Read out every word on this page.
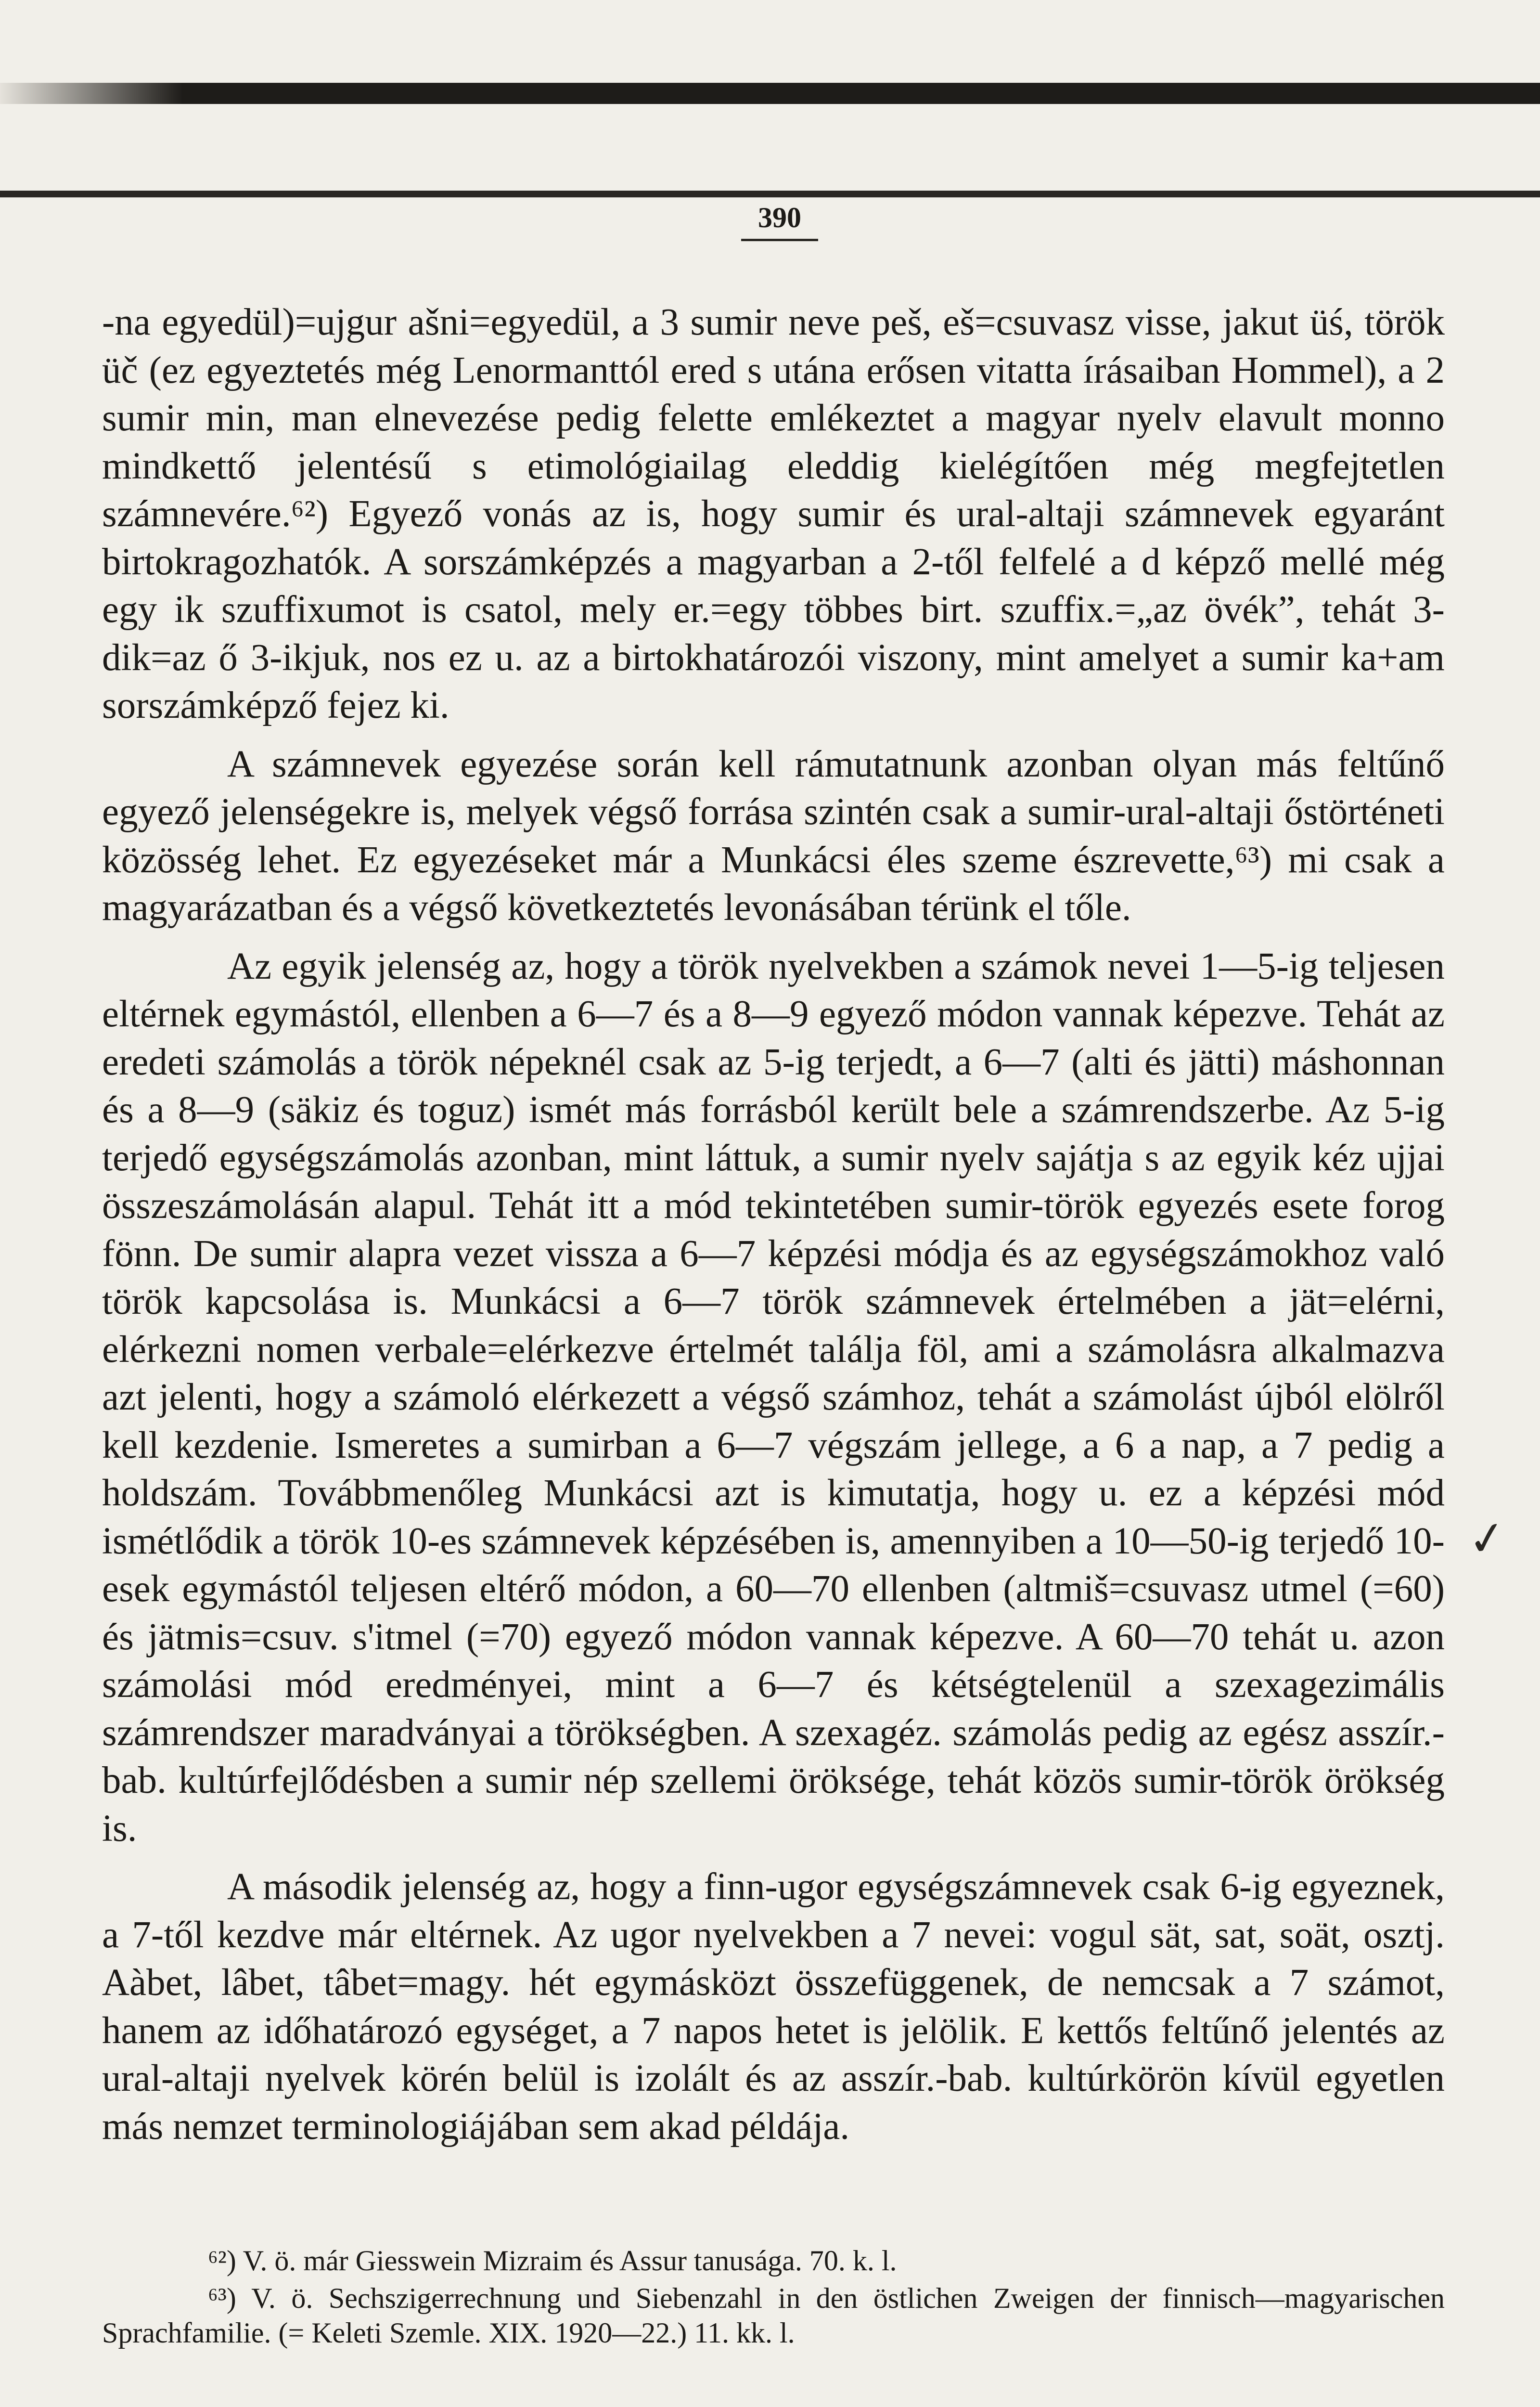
390

-na egyedül)=ujgur ašni=egyedül, a 3 sumir neve peš, eš=csuvasz visse, jakut üś, török üč (ez egyeztetés még Lenormanttól ered s utána erősen vitatta írásaiban Hommel), a 2 sumir min, man elnevezése pedig felette emlékeztet a magyar nyelv elavult monno mindkettő jelentésű s etimológiailag eleddig kielégítően még megfejtetlen számnevére.⁶²) Egyező vonás az is, hogy sumir és ural-altaji számnevek egyaránt birtokragozhatók. A sorszámképzés a magyarban a 2-től felfelé a d képző mellé még egy ik szuffixumot is csatol, mely er.=egy többes birt. szuffix.=„az övék”, tehát 3-dik=az ő 3-ikjuk, nos ez u. az a birtokhatározói viszony, mint amelyet a sumir ka+am sorszámképző fejez ki.

A számnevek egyezése során kell rámutatnunk azonban olyan más feltűnő egyező jelenségekre is, melyek végső forrása szintén csak a sumir-ural-altaji őstörténeti közösség lehet. Ez egyezéseket már a Munkácsi éles szeme észrevette,⁶³) mi csak a magyarázatban és a végső következtetés levonásában térünk el tőle.

Az egyik jelenség az, hogy a török nyelvekben a számok nevei 1—5-ig teljesen eltérnek egymástól, ellenben a 6—7 és a 8—9 egyező módon vannak képezve. Tehát az eredeti számolás a török népeknél csak az 5-ig terjedt, a 6—7 (alti és jätti) máshonnan és a 8—9 (säkiz és toguz) ismét más forrásból került bele a számrendszerbe. Az 5-ig terjedő egységszámolás azonban, mint láttuk, a sumir nyelv sajátja s az egyik kéz ujjai összeszámolásán alapul. Tehát itt a mód tekintetében sumir-török egyezés esete forog fönn. De sumir alapra vezet vissza a 6—7 képzési módja és az egységszámokhoz való török kapcsolása is. Munkácsi a 6—7 török számnevek értelmében a jät=elérni, elérkezni nomen verbale=elérkezve értelmét találja föl, ami a számolásra alkalmazva azt jelenti, hogy a számoló elérkezett a végső számhoz, tehát a számolást újból elölről kell kezdenie. Ismeretes a sumirban a 6—7 végszám jellege, a 6 a nap, a 7 pedig a holdszám. Továbbmenőleg Munkácsi azt is kimutatja, hogy u. ez a képzési mód ismétlődik a török 10-es számnevek képzésében is, amennyiben a 10—50-ig terjedő 10-esek egymástól teljesen eltérő módon, a 60—70 ellenben (altmiš=csuvasz utmel (=60) és jätmis=csuv. s'itmel (=70) egyező módon vannak képezve. A 60—70 tehát u. azon számolási mód eredményei, mint a 6—7 és kétségtelenül a szexagezimális számrendszer maradványai a törökségben. A szexagéz. számolás pedig az egész asszír.-bab. kultúrfejlődésben a sumir nép szellemi öröksége, tehát közös sumir-török örökség is.

A második jelenség az, hogy a finn-ugor egységszámnevek csak 6-ig egyeznek, a 7-től kezdve már eltérnek. Az ugor nyelvekben a 7 nevei: vogul sät, sat, soät, osztj. Aàbet, lâbet, tâbet=magy. hét egymásközt összefüggenek, de nemcsak a 7 számot, hanem az időhatározó egységet, a 7 napos hetet is jelölik. E kettős feltűnő jelentés az ural-altaji nyelvek körén belül is izolált és az asszír.-bab. kultúrkörön kívül egyetlen más nemzet terminologiájában sem akad példája.

✓

⁶²) V. ö. már Giesswein Mizraim és Assur tanusága. 70. k. l.

⁶³) V. ö. Sechszigerrechnung und Siebenzahl in den östlichen Zweigen der finnisch—magyarischen Sprachfamilie. (= Keleti Szemle. XIX. 1920—22.) 11. kk. l.
